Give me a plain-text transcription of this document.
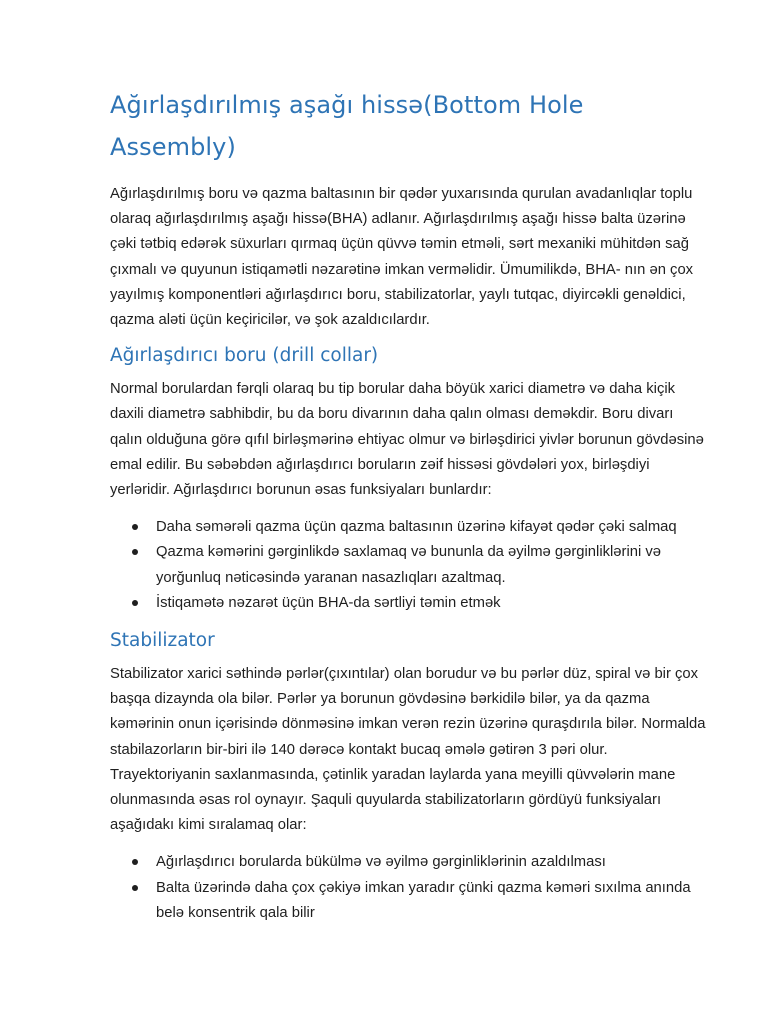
Ağırlaşdırılmış aşağı hissə(Bottom Hole Assembly)

Ağırlaşdırılmış boru və qazma baltasının bir qədər yuxarısında qurulan avadanlıqlar toplu olaraq ağırlaşdırılmış aşağı hissə(BHA) adlanır. Ağırlaşdırılmış aşağı hissə balta üzərinə çəki tətbiq edərək süxurları qırmaq üçün qüvvə təmin etməli, sərt mexaniki mühitdən sağ çıxmalı və quyunun istiqamətli nəzarətinə imkan verməlidir. Ümumilikdə, BHA- nın ən çox yayılmış komponentləri ağırlaşdırıcı boru, stabilizatorlar, yaylı tutqac, diyircəkli genəldici, qazma aləti üçün keçiricilər, və şok azaldıcılardır.

Ağırlaşdırıcı boru (drill collar)

Normal borulardan fərqli olaraq bu tip borular daha böyük xarici diametrə və daha kiçik daxili diametrə sabhibdir, bu da boru divarının daha qalın olması deməkdir. Boru divarı qalın olduğuna görə qıfıl birləşmərinə ehtiyac olmur və birləşdirici yivlər borunun gövdəsinə emal edilir. Bu səbəbdən ağırlaşdırıcı boruların zəif hissəsi gövdələri yox, birləşdiyi yerləridir. Ağırlaşdırıcı borunun əsas funksiyaları bunlardır:

Daha səmərəli qazma üçün qazma baltasının üzərinə kifayət qədər çəki salmaq
Qazma kəmərini gərginlikdə saxlamaq və bununla da əyilmə gərginliklərini və yorğunluq nəticəsində yaranan nasazlıqları azaltmaq.
İstiqamətə nəzarət üçün BHA-da sərtliyi təmin etmək
Stabilizator

Stabilizator xarici səthində pərlər(çıxıntılar) olan borudur və bu pərlər düz, spiral və bir çox başqa dizaynda ola bilər. Pərlər ya borunun gövdəsinə bərkidilə bilər, ya da qazma kəmərinin onun içərisində dönməsinə imkan verən rezin üzərinə quraşdırıla bilər. Normalda stabilazorların bir-biri ilə 140 dərəcə kontakt bucaq əmələ gətirən 3 pəri olur. Trayektoriyanin saxlanmasında, çətinlik yaradan laylarda yana meyilli qüvvələrin mane olunmasında əsas rol oynayır. Şaquli quyularda stabilizatorların gördüyü funksiyaları aşağıdakı kimi sıralamaq olar:

Ağırlaşdırıcı borularda bükülmə və əyilmə gərginliklərinin azaldılması
Balta üzərində daha çox çəkiyə imkan yaradır çünki qazma kəməri sıxılma anında belə konsentrik qala bilir
